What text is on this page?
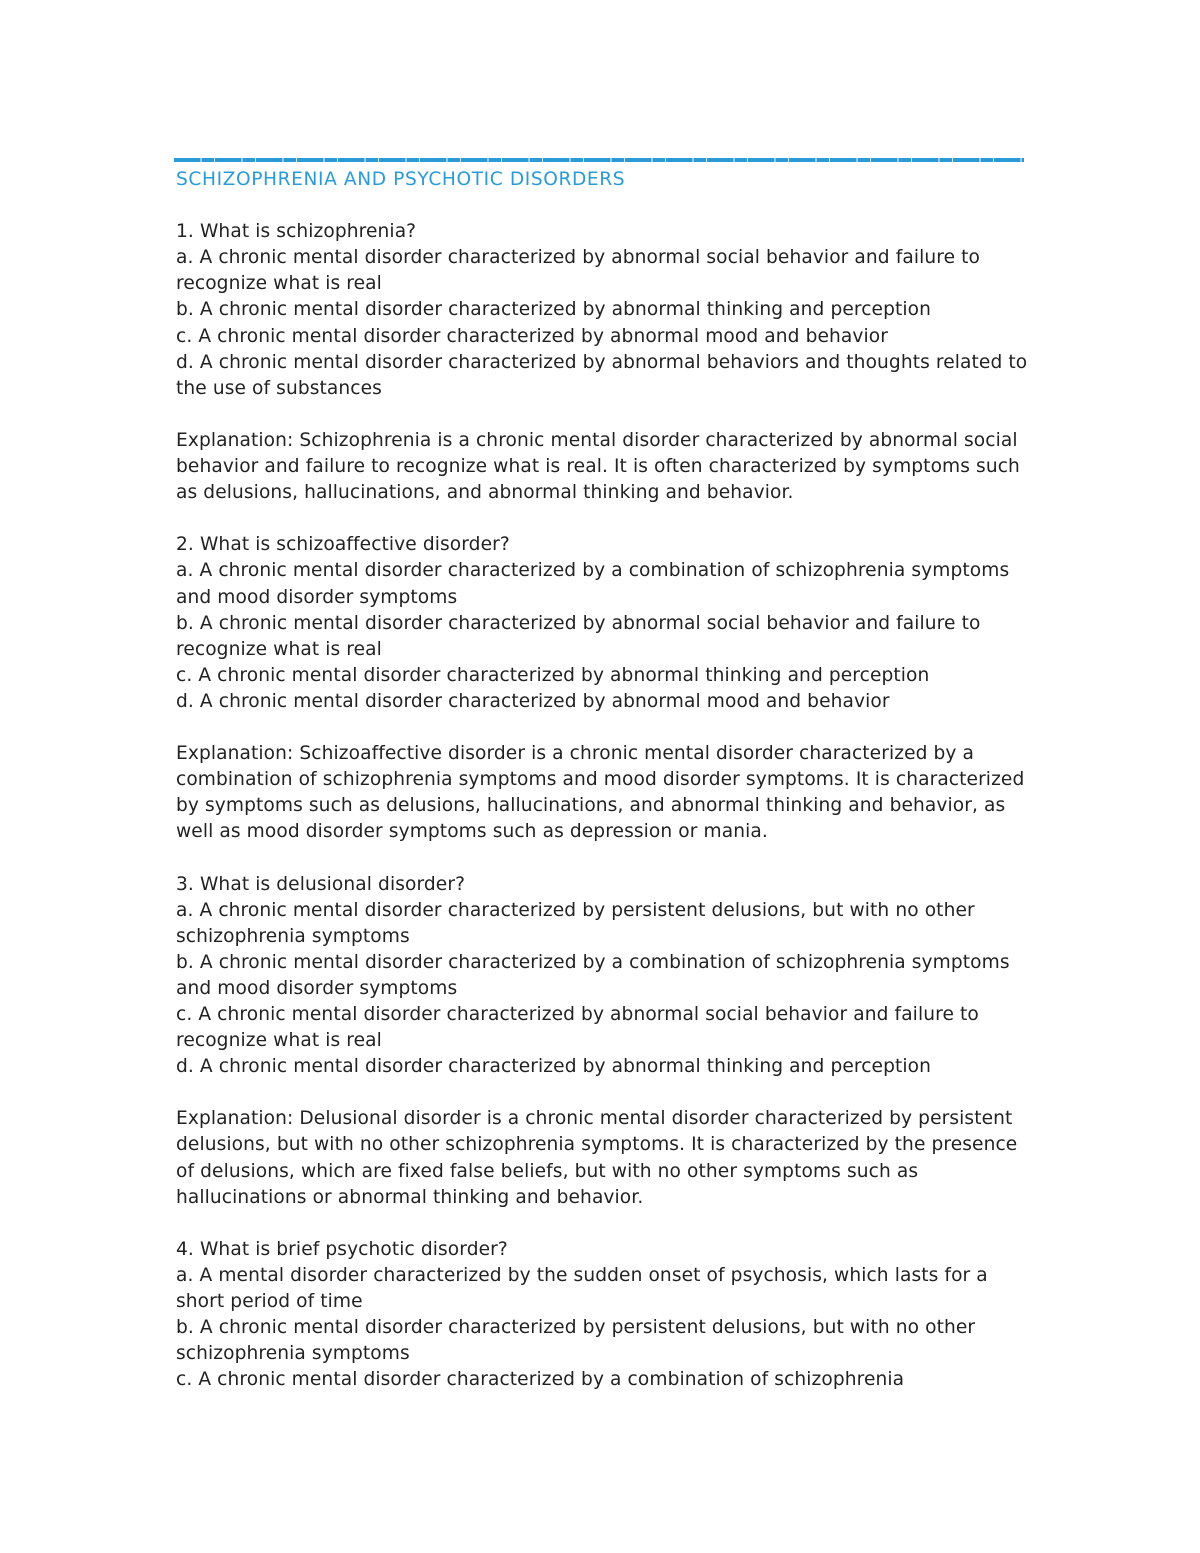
SCHIZOPHRENIA AND PSYCHOTIC DISORDERS

1. What is schizophrenia?

a. A chronic mental disorder characterized by abnormal social behavior and failure to recognize what is real

b. A chronic mental disorder characterized by abnormal thinking and perception

c. A chronic mental disorder characterized by abnormal mood and behavior

d. A chronic mental disorder characterized by abnormal behaviors and thoughts related to the use of substances

Explanation: Schizophrenia is a chronic mental disorder characterized by abnormal social behavior and failure to recognize what is real. It is often characterized by symptoms such as delusions, hallucinations, and abnormal thinking and behavior.

2. What is schizoaffective disorder?

a. A chronic mental disorder characterized by a combination of schizophrenia symptoms and mood disorder symptoms

b. A chronic mental disorder characterized by abnormal social behavior and failure to recognize what is real

c. A chronic mental disorder characterized by abnormal thinking and perception

d. A chronic mental disorder characterized by abnormal mood and behavior

Explanation: Schizoaffective disorder is a chronic mental disorder characterized by a combination of schizophrenia symptoms and mood disorder symptoms. It is characterized by symptoms such as delusions, hallucinations, and abnormal thinking and behavior, as well as mood disorder symptoms such as depression or mania.

3. What is delusional disorder?

a. A chronic mental disorder characterized by persistent delusions, but with no other schizophrenia symptoms

b. A chronic mental disorder characterized by a combination of schizophrenia symptoms and mood disorder symptoms

c. A chronic mental disorder characterized by abnormal social behavior and failure to recognize what is real

d. A chronic mental disorder characterized by abnormal thinking and perception

Explanation: Delusional disorder is a chronic mental disorder characterized by persistent delusions, but with no other schizophrenia symptoms. It is characterized by the presence of delusions, which are fixed false beliefs, but with no other symptoms such as hallucinations or abnormal thinking and behavior.

4. What is brief psychotic disorder?

a. A mental disorder characterized by the sudden onset of psychosis, which lasts for a short period of time

b. A chronic mental disorder characterized by persistent delusions, but with no other schizophrenia symptoms

c. A chronic mental disorder characterized by a combination of schizophrenia
